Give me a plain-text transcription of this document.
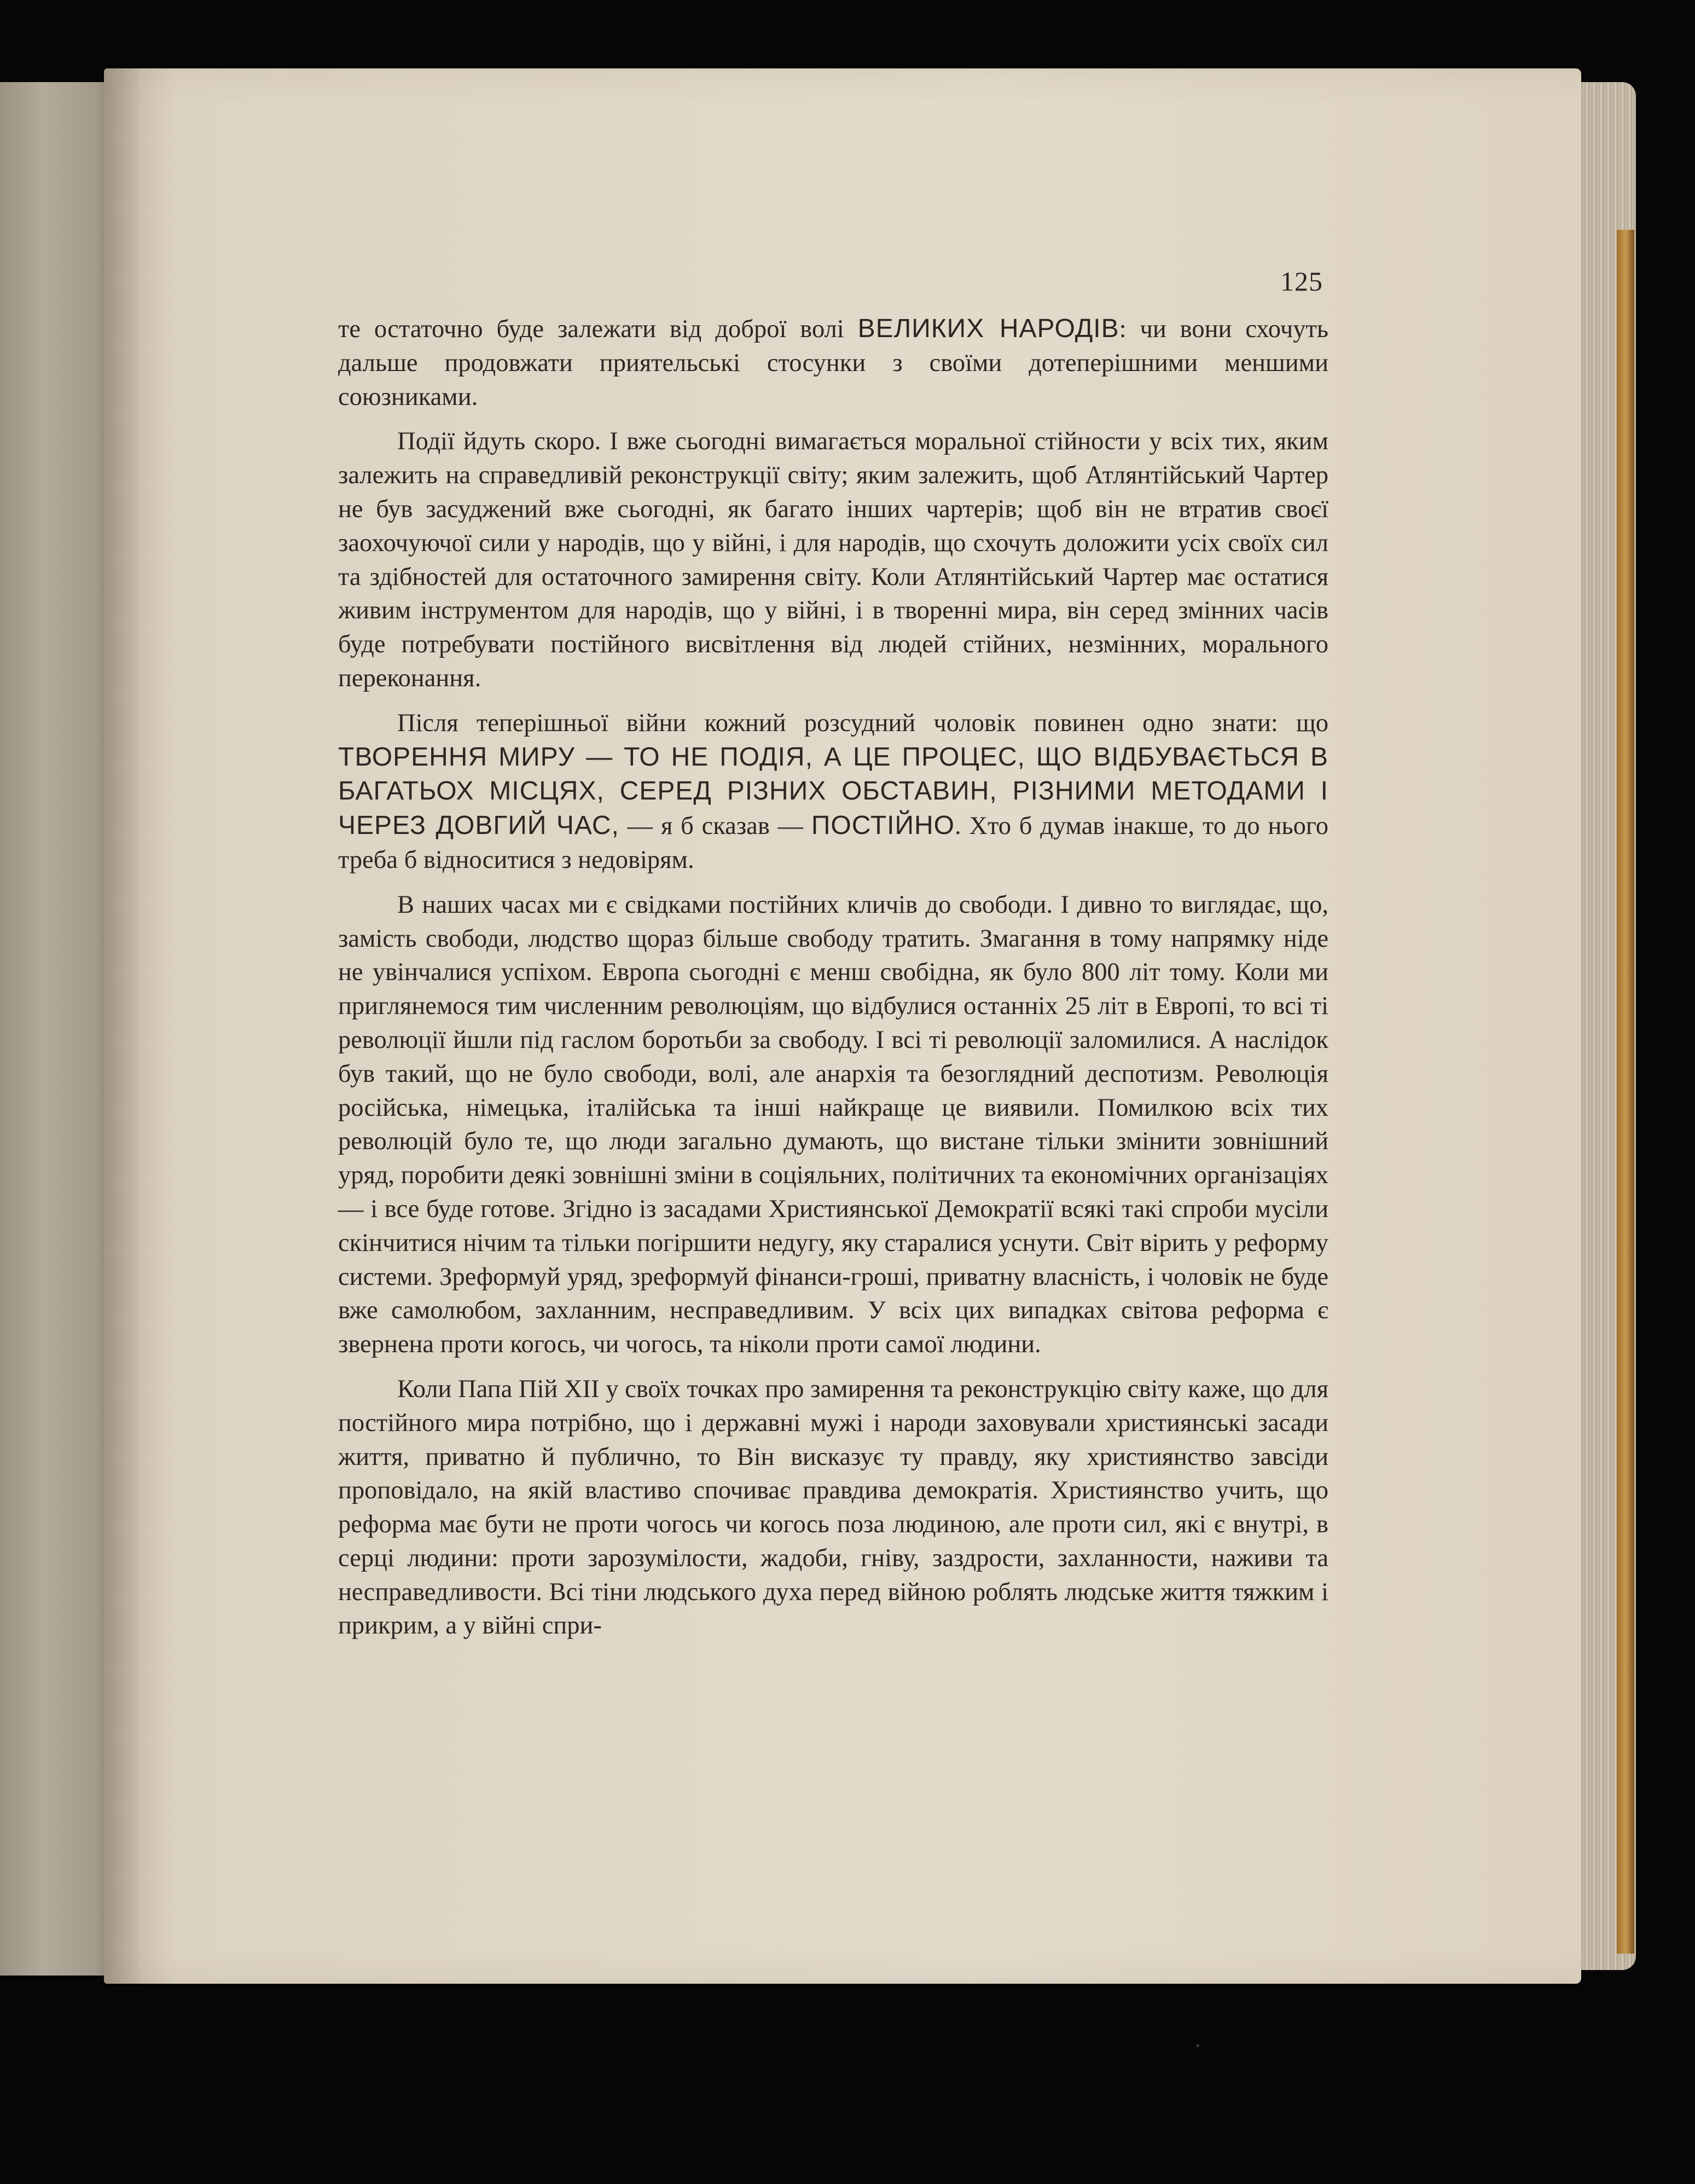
125

те остаточно буде залежати від доброї волі ВЕЛИКИХ НАРОДІВ: чи вони схочуть дальше продовжати приятельські стосунки з своїми дотеперішними меншими союзниками.

Події йдуть скоро. І вже сьогодні вимагається моральної стійности у всіх тих, яким залежить на справедливій реконструкції світу; яким залежить, щоб Атлянтійський Чартер не був засуджений вже сьогодні, як багато інших чартерів; щоб він не втратив своєї заохочуючої сили у народів, що у війні, і для народів, що схочуть доложити усіх своїх сил та здібностей для остаточного замирення світу. Коли Атлянтійський Чартер має остатися живим інструментом для народів, що у війні, і в творенні мира, він серед змінних часів буде потребувати постійного висвітлення від людей стійних, незмінних, морального переконання.

Після теперішньої війни кожний розсудний чоловік повинен одно знати: що ТВОРЕННЯ МИРУ — ТО НЕ ПОДІЯ, А ЦЕ ПРОЦЕС, ЩО ВІДБУВАЄТЬСЯ В БАГАТЬОХ МІСЦЯХ, СЕРЕД РІЗНИХ ОБСТАВИН, РІЗНИМИ МЕТОДАМИ І ЧЕРЕЗ ДОВГИЙ ЧАС, — я б сказав — ПОСТІЙНО. Хто б думав інакше, то до нього треба б відноситися з недовірям.

В наших часах ми є свідками постійних кличів до свободи. І дивно то виглядає, що, замість свободи, людство щораз більше свободу тратить. Змагання в тому напрямку ніде не увінчалися успіхом. Европа сьогодні є менш свобідна, як було 800 літ тому. Коли ми приглянемося тим численним революціям, що відбулися останніх 25 літ в Европі, то всі ті революції йшли під гаслом боротьби за свободу. І всі ті революції заломилися. А наслідок був такий, що не було свободи, волі, але анархія та безоглядний деспотизм. Революція російська, німецька, італійська та інші найкраще це виявили. Помилкою всіх тих революцій було те, що люди загально думають, що вистане тільки змінити зовнішний уряд, поробити деякі зовнішні зміни в соціяльних, політичних та економічних організаціях — і все буде готове. Згідно із засадами Християнської Демократії всякі такі спроби мусіли скінчитися нічим та тільки погіршити недугу, яку старалися уснути. Світ вірить у реформу системи. Зреформуй уряд, зреформуй фінанси-гроші, приватну власність, і чоловік не буде вже самолюбом, захланним, несправедливим. У всіх цих випадках світова реформа є звернена проти когось, чи чогось, та ніколи проти самої людини.

Коли Папа Пій XII у своїх точках про замирення та реконструкцію світу каже, що для постійного мира потрібно, що і державні мужі і народи заховували християнські засади життя, приватно й публично, то Він висказує ту правду, яку християнство завсіди проповідало, на якій властиво спочиває правдива демократія. Християнство учить, що реформа має бути не проти чогось чи когось поза людиною, але проти сил, які є внутрі, в серці людини: проти зарозумілости, жадоби, гніву, заздрости, захланности, наживи та несправедливости. Всі тіни людського духа перед війною роблять людське життя тяжким і прикрим, а у війні спри-
